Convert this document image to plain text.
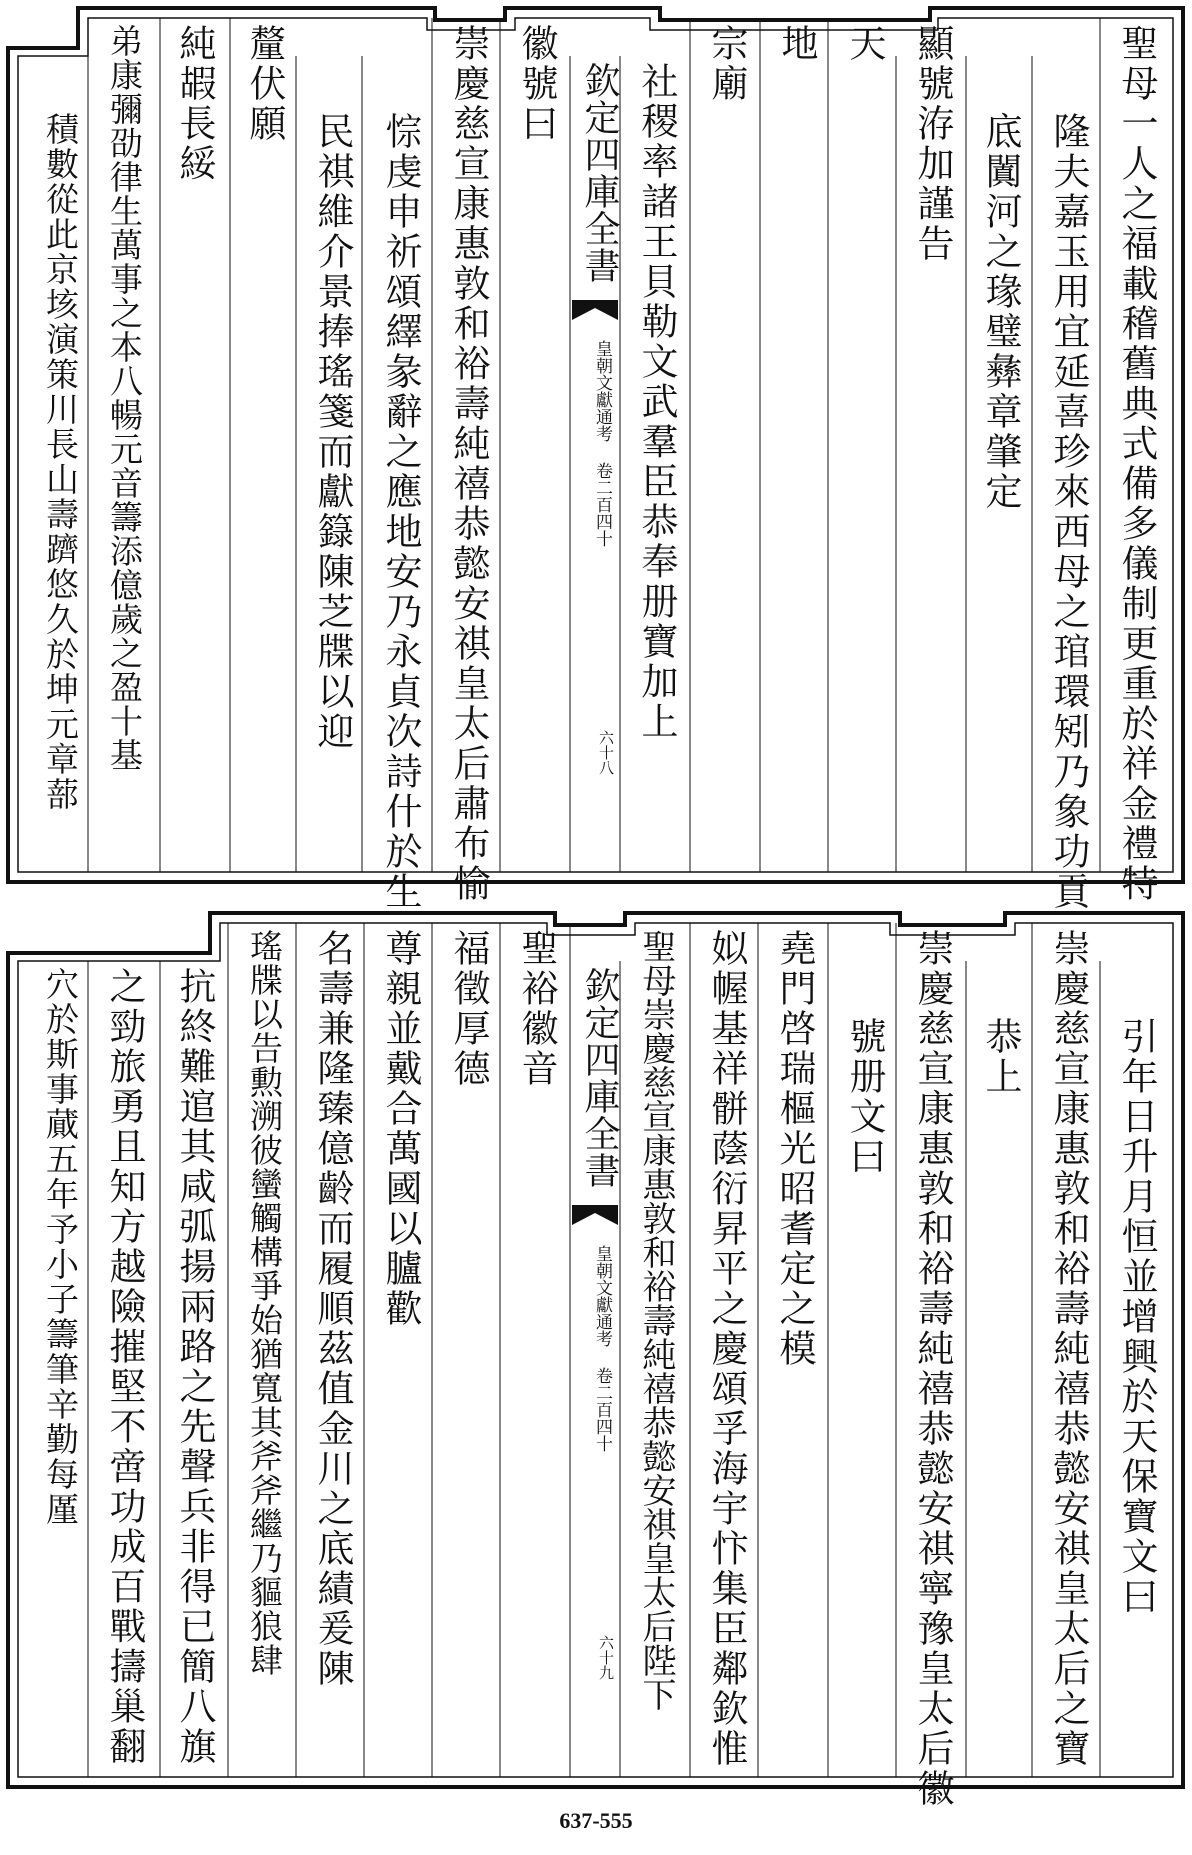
聖母一人之福載稽舊典式備多儀制更重於祥金禮特
隆夫嘉玉用宜延喜珍來西母之琯環矧乃象功貢
底闐河之瑑璧彝章肇定
顯號洊加謹告
天
地
宗廟
欽定四庫全書
皇朝文獻通考 卷二百四十
六十八
社稷率諸王貝勒文武羣臣恭奉册寶加上
徽號曰
崇慶慈宣康惠敦和裕壽純禧恭懿安祺皇太后肅布愉
悰虔申祈頌繹彖辭之應地安乃永貞次詩什於生
民祺維介景捧瑤箋而獻籙陳芝牒以迎
釐伏願
純嘏長綏
弟康彌劭律生萬事之本八暢元音籌添億歲之盈十基
引年日升月恒並增興於天保寶文曰
崇慶慈宣康惠敦和裕壽純禧恭懿安祺皇太后之寶
恭上
崇慶慈宣康惠敦和裕壽純禧恭懿安祺寧豫皇太后徽
號册文曰
堯門啓瑞樞光昭耆定之模
姒幄基祥骿蔭衍昇平之慶頌孚海宇忭集臣鄰欽惟
欽定四庫全書
皇朝文獻通考 卷二百四十
六十九 聖母崇慶慈宣康惠敦和裕壽純禧恭懿安祺皇太后陛下
聖裕徽音
福徵厚德
尊親並戴合萬國以臚歡
名壽兼隆臻億齡而履順茲值金川之底績爰陳
瑤牒以告勲溯彼蠻觸構爭始猶寬其斧斧繼乃貙狼肆
抗終難逭其咸弧揚兩路之先聲兵非得已簡八旗
之勁旅勇且知方越險摧堅不啻功成百戰擣巢翻
積數從此京垓演策川長山壽躋悠久於坤元章蔀
穴於斯事蕆五年予小子籌筆辛勤每厪
637-555
